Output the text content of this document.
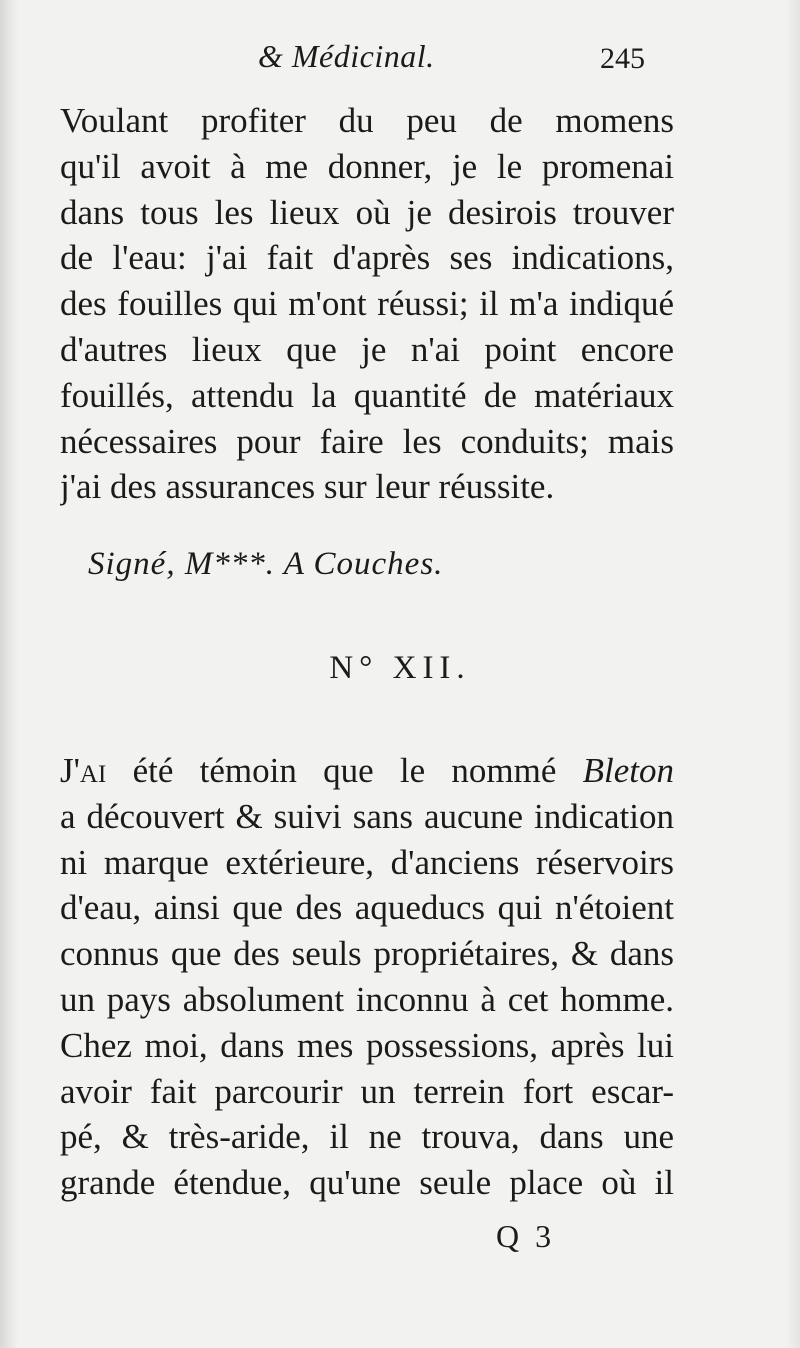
& Médicinal.	245
Voulant profiter du peu de momens
qu'il avoit à me donner, je le promenai
dans tous les lieux où je desirois trouver
de l'eau: j'ai fait d'après ses indications,
des fouilles qui m'ont réussi; il m'a indiqué
d'autres lieux que je n'ai point encore
fouillés, attendu la quantité de matériaux
nécessaires pour faire les conduits; mais
j'ai des assurances sur leur réussite.
Signé, M***. A Couches.
N° XII.
J'ai été témoin que le nommé Bleton
a découvert & suivi sans aucune indication
ni marque extérieure, d'anciens réservoirs
d'eau, ainsi que des aqueducs qui n'étoient
connus que des seuls propriétaires, & dans
un pays absolument inconnu à cet homme.
Chez moi, dans mes possessions, après lui
avoir fait parcourir un terrein fort escar-
pé, & très-aride, il ne trouva, dans une
grande étendue, qu'une seule place où il
Q 3
